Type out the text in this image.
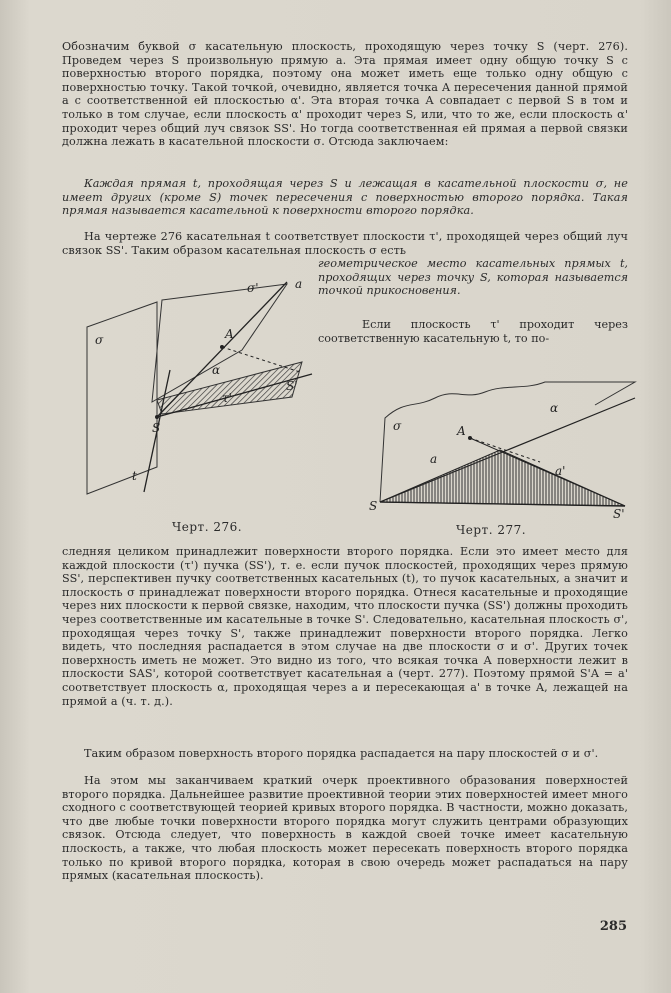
Обозначим буквой σ касательную плоскость, проходящую через точку S (черт. 276). Проведем через S произвольную прямую a. Эта прямая имеет одну общую точку S с поверхностью второго порядка, поэтому она может иметь еще только одну общую с поверхностью точку. Такой точкой, очевидно, является точка A пересечения данной прямой a с соответственной ей плоскостью α'. Эта вторая точка A совпадает с первой S в том и только в том случае, если плоскость α' проходит через S, или, что то же, если плоскость α' проходит через общий луч связок SS'. Но тогда соответственная ей прямая a первой связки должна лежать в касательной плоскости σ. Отсюда заключаем:

Каждая прямая t, проходящая через S и лежащая в касательной плоскости σ, не имеет других (кроме S) точек пересечения с поверхностью второго порядка. Такая прямая называется касательной к поверхности второго порядка.

На чертеже 276 касательная t соответствует плоскости τ', проходящей через общий луч связок SS'. Таким образом касательная плоскость σ есть

геометрическое место касательных прямых t, проходящих через точку S, которая называется точкой прикосновения.

Если плоскость τ' проходит через соответственную касательную t, то по-

σ'	a
A
α
σ
S'
τ'
S
t
Черт. 276.
σ
α
A
a
a'
S
S'
Черт. 277.

следняя целиком принадлежит поверхности второго порядка. Если это имеет место для каждой плоскости (τ') пучка (SS'), т. е. если пучок плоскостей, проходящих через прямую SS', перспективен пучку соответственных касательных (t), то пучок касательных, а значит и плоскость σ принадлежат поверхности второго порядка. Отнеся касательные и проходящие через них плоскости к первой связке, находим, что плоскости пучка (SS') должны проходить через соответственные им касательные в точке S'. Следовательно, касательная плоскость σ', проходящая через точку S', также принадлежит поверхности второго порядка. Легко видеть, что последняя распадается в этом случае на две плоскости σ и σ'. Других точек поверхность иметь не может. Это видно из того, что всякая точка A поверхности лежит в плоскости SAS', которой соответствует касательная a (черт. 277). Поэтому прямой S'A = a' соответствует плоскость α, проходящая через a и пересекающая a' в точке A, лежащей на прямой a (ч. т. д.).

Таким образом поверхность второго порядка распадается на пару плоскостей σ и σ'.

На этом мы заканчиваем краткий очерк проективного образования поверхностей второго порядка. Дальнейшее развитие проективной теории этих поверхностей имеет много сходного с соответствующей теорией кривых второго порядка. В частности, можно доказать, что две любые точки поверхности второго порядка могут служить центрами образующих связок. Отсюда следует, что поверхность в каждой своей точке имеет касательную плоскость, а также, что любая плоскость может пересекать поверхность второго порядка только по кривой второго порядка, которая в свою очередь может распадаться на пару прямых (касательная плоскость).

285
